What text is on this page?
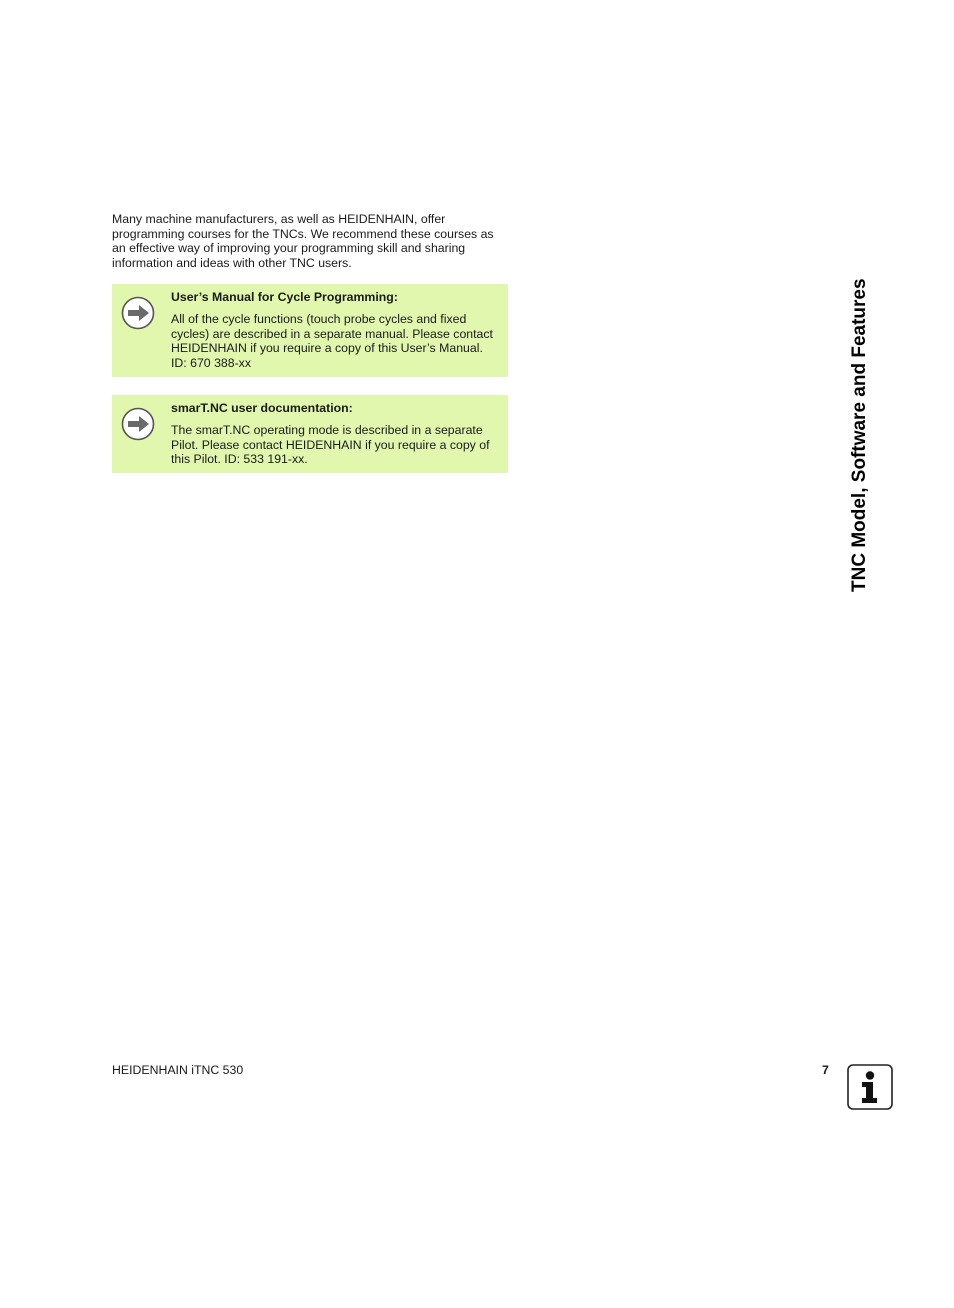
Many machine manufacturers, as well as HEIDENHAIN, offer
programming courses for the TNCs. We recommend these courses as
an effective way of improving your programming skill and sharing
information and ideas with other TNC users.

User’s Manual for Cycle Programming:

All of the cycle functions (touch probe cycles and fixed
cycles) are described in a separate manual. Please contact
HEIDENHAIN if you require a copy of this User’s Manual.
ID: 670 388-xx

smarT.NC user documentation:

The smarT.NC operating mode is described in a separate
Pilot. Please contact HEIDENHAIN if you require a copy of
this Pilot. ID: 533 191-xx.	TNC Model, Software and Features

HEIDENHAIN iTNC 530	7
